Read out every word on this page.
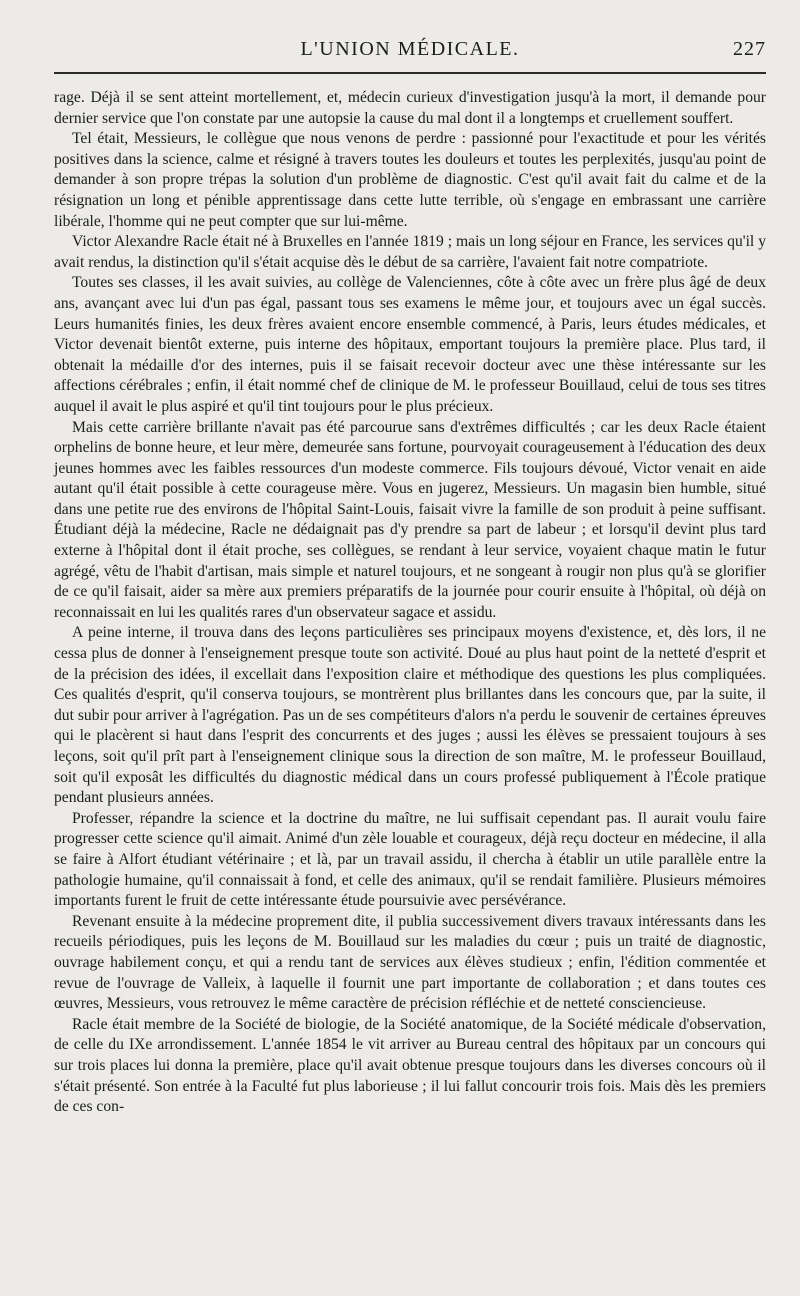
L'UNION MÉDICALE.	227

rage. Déjà il se sent atteint mortellement, et, médecin curieux d'investigation jusqu'à la mort, il demande pour dernier service que l'on constate par une autopsie la cause du mal dont il a longtemps et cruellement souffert.

Tel était, Messieurs, le collègue que nous venons de perdre : passionné pour l'exactitude et pour les vérités positives dans la science, calme et résigné à travers toutes les douleurs et toutes les perplexités, jusqu'au point de demander à son propre trépas la solution d'un problème de diagnostic. C'est qu'il avait fait du calme et de la résignation un long et pénible apprentissage dans cette lutte terrible, où s'engage en embrassant une carrière libérale, l'homme qui ne peut compter que sur lui-même.

Victor Alexandre Racle était né à Bruxelles en l'année 1819 ; mais un long séjour en France, les services qu'il y avait rendus, la distinction qu'il s'était acquise dès le début de sa carrière, l'avaient fait notre compatriote.

Toutes ses classes, il les avait suivies, au collège de Valenciennes, côte à côte avec un frère plus âgé de deux ans, avançant avec lui d'un pas égal, passant tous ses examens le même jour, et toujours avec un égal succès. Leurs humanités finies, les deux frères avaient encore ensemble commencé, à Paris, leurs études médicales, et Victor devenait bientôt externe, puis interne des hôpitaux, emportant toujours la première place. Plus tard, il obtenait la médaille d'or des internes, puis il se faisait recevoir docteur avec une thèse intéressante sur les affections cérébrales ; enfin, il était nommé chef de clinique de M. le professeur Bouillaud, celui de tous ses titres auquel il avait le plus aspiré et qu'il tint toujours pour le plus précieux.

Mais cette carrière brillante n'avait pas été parcourue sans d'extrêmes difficultés ; car les deux Racle étaient orphelins de bonne heure, et leur mère, demeurée sans fortune, pourvoyait courageusement à l'éducation des deux jeunes hommes avec les faibles ressources d'un modeste commerce. Fils toujours dévoué, Victor venait en aide autant qu'il était possible à cette courageuse mère. Vous en jugerez, Messieurs. Un magasin bien humble, situé dans une petite rue des environs de l'hôpital Saint-Louis, faisait vivre la famille de son produit à peine suffisant. Étudiant déjà la médecine, Racle ne dédaignait pas d'y prendre sa part de labeur ; et lorsqu'il devint plus tard externe à l'hôpital dont il était proche, ses collègues, se rendant à leur service, voyaient chaque matin le futur agrégé, vêtu de l'habit d'artisan, mais simple et naturel toujours, et ne songeant à rougir non plus qu'à se glorifier de ce qu'il faisait, aider sa mère aux premiers préparatifs de la journée pour courir ensuite à l'hôpital, où déjà on reconnaissait en lui les qualités rares d'un observateur sagace et assidu.

A peine interne, il trouva dans des leçons particulières ses principaux moyens d'existence, et, dès lors, il ne cessa plus de donner à l'enseignement presque toute son activité. Doué au plus haut point de la netteté d'esprit et de la précision des idées, il excellait dans l'exposition claire et méthodique des questions les plus compliquées. Ces qualités d'esprit, qu'il conserva toujours, se montrèrent plus brillantes dans les concours que, par la suite, il dut subir pour arriver à l'agrégation. Pas un de ses compétiteurs d'alors n'a perdu le souvenir de certaines épreuves qui le placèrent si haut dans l'esprit des concurrents et des juges ; aussi les élèves se pressaient toujours à ses leçons, soit qu'il prît part à l'enseignement clinique sous la direction de son maître, M. le professeur Bouillaud, soit qu'il exposât les difficultés du diagnostic médical dans un cours professé publiquement à l'École pratique pendant plusieurs années.

Professer, répandre la science et la doctrine du maître, ne lui suffisait cependant pas. Il aurait voulu faire progresser cette science qu'il aimait. Animé d'un zèle louable et courageux, déjà reçu docteur en médecine, il alla se faire à Alfort étudiant vétérinaire ; et là, par un travail assidu, il chercha à établir un utile parallèle entre la pathologie humaine, qu'il connaissait à fond, et celle des animaux, qu'il se rendait familière. Plusieurs mémoires importants furent le fruit de cette intéressante étude poursuivie avec persévérance.

Revenant ensuite à la médecine proprement dite, il publia successivement divers travaux intéressants dans les recueils périodiques, puis les leçons de M. Bouillaud sur les maladies du cœur ; puis un traité de diagnostic, ouvrage habilement conçu, et qui a rendu tant de services aux élèves studieux ; enfin, l'édition commentée et revue de l'ouvrage de Valleix, à laquelle il fournit une part importante de collaboration ; et dans toutes ces œuvres, Messieurs, vous retrouvez le même caractère de précision réfléchie et de netteté consciencieuse.

Racle était membre de la Société de biologie, de la Société anatomique, de la Société médicale d'observation, de celle du IXe arrondissement. L'année 1854 le vit arriver au Bureau central des hôpitaux par un concours qui sur trois places lui donna la première, place qu'il avait obtenue presque toujours dans les diverses concours où il s'était présenté. Son entrée à la Faculté fut plus laborieuse ; il lui fallut concourir trois fois. Mais dès les premiers de ces con-
